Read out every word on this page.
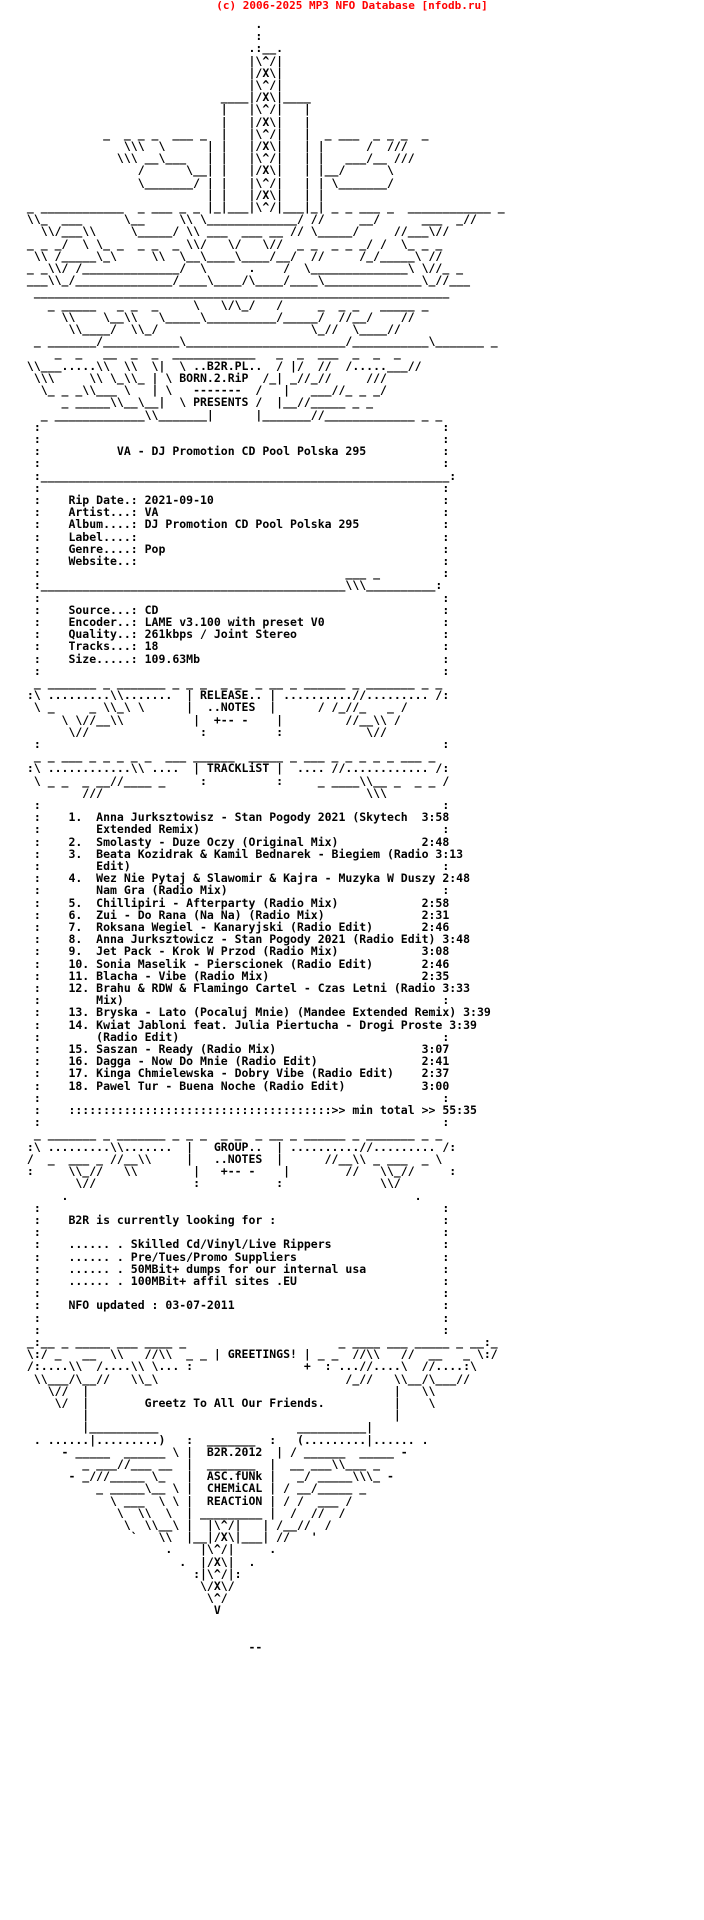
(c) 2006-2025 MP3 NFO Database [nfodb.ru]
.
:
.:__.
|\^/|
|/X\|
|\^/|
____|/X\|____
|   |\^/|   |
|   |/X\|   |
_  _ _ _  ___ _  |   |\^/|   |  _ ___  _ _ _  _
\\\  \      | |   |/X\|   | |      /  ///
\\\ __\___   | |   |\^/|   | |   ___/__ ///
/      \__| |   |/X\|   | |__/      \
\_______/ | |   |\^/|   | | \_______/
| |   |/X\|   | |
_ ____________  _ ___ _ _ |_|___|\^/|___|_| _ _ ___ _  ____________ _
\\_  ___      \__     \\ \_____________/ //     __/      ___  _//
\\/___\\     \_____/ \\ ___  ___ __ // \_____/     //___\//
_ _ _/  \ \_ _  _ _  _ \\/   \/   \//  _ _  _ _ _/ /  \_ _ _
\\ /_____\_\     \\  \__\____\____/__/  //     /_/_____\ //
_ _\\/ /______________/  \      .    /  \______________\ \//_ _
___\\_/______________/____\____/\____/____\______________\_//___
____________________________________________________________
_ _____   _ _  _     \   \/\_/   /     _  _ _   _____ _
\\    \__\\   \_____\__________/_____/  //__/    //
\\____/  \\_/                      \_//  \____//
_ _______/___________\_______________________/___________\_______ _
_  _   __  _  _  ____________   _  _  ___  _  _  _
\\___.....\\  \\  \|  \ ..B2R.PL..  / |/  //  /.....___//
\\\     \\ \_\\_ | \ BORN.2.RiP  /_| _//_//     ///
\_ _ _\\___ \   | \   -------  /   |   ___//_ _ _/
_ _____\\__\__|  \ PRESENTS /  |__//_____ _ _
_ _____________\\_______|      |_______//_____________ _ _
:                                                          :
:                                                          :
:           VA - DJ Promotion CD Pool Polska 295           :
:                                                          :
:___________________________________________________________:
:                                                          :
:    Rip Date.: 2021-09-10                                 :
:    Artist...: VA                                         :
:    Album....: DJ Promotion CD Pool Polska 295            :
:    Label....:                                            :
:    Genre....: Pop                                        :
:    Website..:                                            :
:                                            ___ _         :
:____________________________________________\\\__________:
:                                                          :
:    Source...: CD                                         :
:    Encoder..: LAME v3.100 with preset V0                 :
:    Quality..: 261kbps / Joint Stereo                     :
:    Tracks...: 18                                         :
:    Size.....: 109.63Mb                                   :
:                                                          :
_ _______ _ _______ _ _ _  _ _  _ __ _ ______ _ _______ _ _
:\ .........\\.......  | RELEASE.. | ..........//......... /:
\ _     _ \\_\ \      |  ..NOTES  |      / /_//_   _ /
\ \//__\\          |  +-- -    |         //__\\ /
\//                :          :            \//
:                                                          :
_ _ ___ _ _ _ _ _  ___ ______  _____ _ ___ _ _ _ _ _ ___ _
:\ ............\\ ....  | TRACKLiST |  .... //............ /:
\ _ _  _ __//____ _     :          :     _ ____\\__ _  _ _ /
///                                      \\\
:                                                          :
:    1.  Anna Jurksztowisz - Stan Pogody 2021 (Skytech  3:58
:        Extended Remix)                                   :
:    2.  Smolasty - Duze Oczy (Original Mix)            2:48
:    3.  Beata Kozidrak & Kamil Bednarek - Biegiem (Radio 3:13
:        Edit)                                             :
:    4.  Wez Nie Pytaj & Slawomir & Kajra - Muzyka W Duszy 2:48
:        Nam Gra (Radio Mix)                               :
:    5.  Chillipiri - Afterparty (Radio Mix)            2:58
:    6.  Zui - Do Rana (Na Na) (Radio Mix)              2:31
:    7.  Roksana Wegiel - Kanaryjski (Radio Edit)       2:46
:    8.  Anna Jurksztowicz - Stan Pogody 2021 (Radio Edit) 3:48
:    9.  Jet Pack - Krok W Przod (Radio Mix)            3:08
:    10. Sonia Maselik - Pierscionek (Radio Edit)       2:46
:    11. Blacha - Vibe (Radio Mix)                      2:35
:    12. Brahu & RDW & Flamingo Cartel - Czas Letni (Radio 3:33
:        Mix)                                              :
:    13. Bryska - Lato (Pocaluj Mnie) (Mandee Extended Remix) 3:39
:    14. Kwiat Jabloni feat. Julia Piertucha - Drogi Proste 3:39
:        (Radio Edit)                                      :
:    15. Saszan - Ready (Radio Mix)                     3:07
:    16. Dagga - Now Do Mnie (Radio Edit)               2:41
:    17. Kinga Chmielewska - Dobry Vibe (Radio Edit)    2:37
:    18. Pawel Tur - Buena Noche (Radio Edit)           3:00
:                                                          :
:    ::::::::::::::::::::::::::::::::::::::>> min total >> 55:35
:                                                          :
_ _______ _ _______ _ _ _  _ _  _ __ _ ______ _ _______ _ _
:\ .........\\.......  |   GROUP..  | ..........//......... /:
/  _  ___ _ //__\\     |   ..NOTES  |      //__\\ _ ___  _ \
:     \\_//   \\        |   +-- -    |        //   \\_//     :
\//              :           :              \\/
.                                                  .
:                                                          :
:    B2R is currently looking for :                        :
:                                                          :
:    ...... . Skilled Cd/Vinyl/Live Rippers                :
:    ...... . Pre/Tues/Promo Suppliers                     :
:    ...... . 50MBit+ dumps for our internal usa           :
:    ...... . 100MBit+ affil sites .EU                     :
:                                                          :
:    NFO updated : 03-07-2011                              :
:                                                          :
:                                                          :
_:__ _ _____ ___ ____ _                      _ ____ ___ _____ _ __:_
\:/ _   __  \\   //\\  _ _ | GREETINGS! | _ _  //\\   //  __   _ \:/
/:....\\  /....\\ \... :                +  : ...//....\  //....:\
\\___/\__//   \\_\                           /_//   \\__/\___//
\//  |                                            |   \\
\/  |        Greetz To All Our Friends.          |    \
|                                            |
|__________                    __________|
. ......|.........)   :  _______  :   (.........|...... .
- _____  ______ \ |  B2R.2012  | / ______  _____ -
_ ___//___ __  |  _______  |  __ ___\\___ _
- _///_____ \_   |  ASC.fUNk |   _/ _____\\\_ -
_ _____\__ \ |  CHEMiCAL | / __/_____ _
\ ___  \ \ |  REACTiON | / /  ___ /
\  \\  \  | _________ |  /  //  /
\  \\__\ |  |\^/|   | /__//  /
`   \\  |__|/X\|___| //   '
.    |\^/|     .
.  |/X\|  .
:|\^/|:
\/X\/
\^/
V

--
